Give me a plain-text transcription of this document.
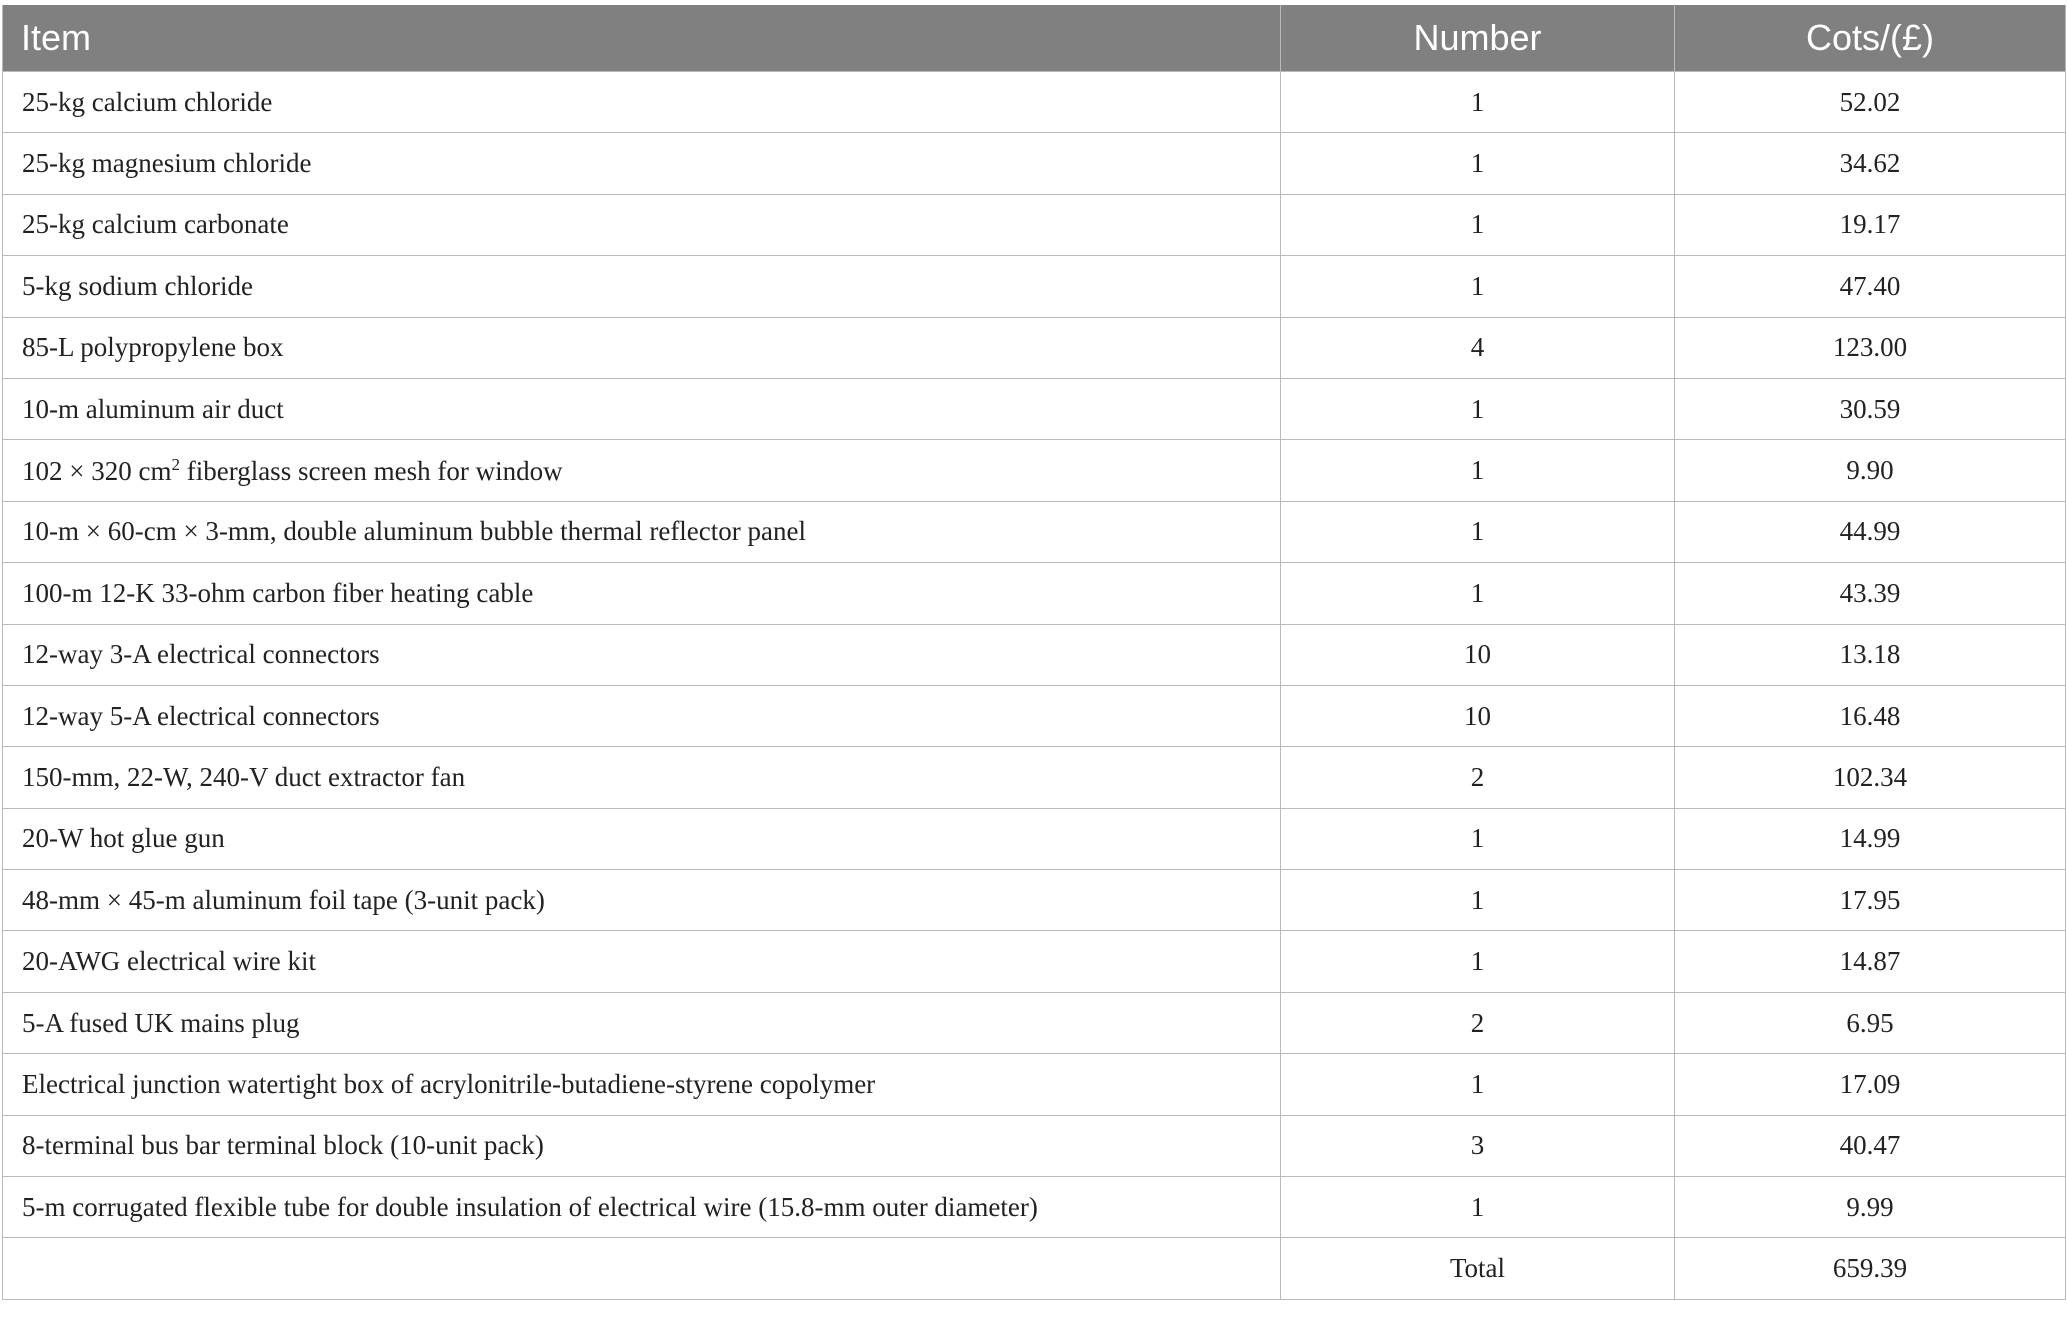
Item	Number	Cots/(£)
25-kg calcium chloride	1	52.02
25-kg magnesium chloride	1	34.62
25-kg calcium carbonate	1	19.17
5-kg sodium chloride	1	47.40
85-L polypropylene box	4	123.00
10-m aluminum air duct	1	30.59
102 × 320 $cm^2$ fiberglass screen mesh for window	1	9.90
10-m × 60-cm × 3-mm, double aluminum bubble thermal reflector panel	1	44.99
100-m 12-K 33-ohm carbon fiber heating cable	1	43.39
12-way 3-A electrical connectors	10	13.18
12-way 5-A electrical connectors	10	16.48
150-mm, 22-W, 240-V duct extractor fan	2	102.34
20-W hot glue gun	1	14.99
48-mm × 45-m aluminum foil tape (3-unit pack)	1	17.95
20-AWG electrical wire kit	1	14.87
5-A fused UK mains plug	2	6.95
Electrical junction watertight box of acrylonitrile-butadiene-styrene copolymer	1	17.09
8-terminal bus bar terminal block (10-unit pack)	3	40.47
5-m corrugated flexible tube for double insulation of electrical wire (15.8-mm outer diameter)	1	9.99
	Total	659.39
